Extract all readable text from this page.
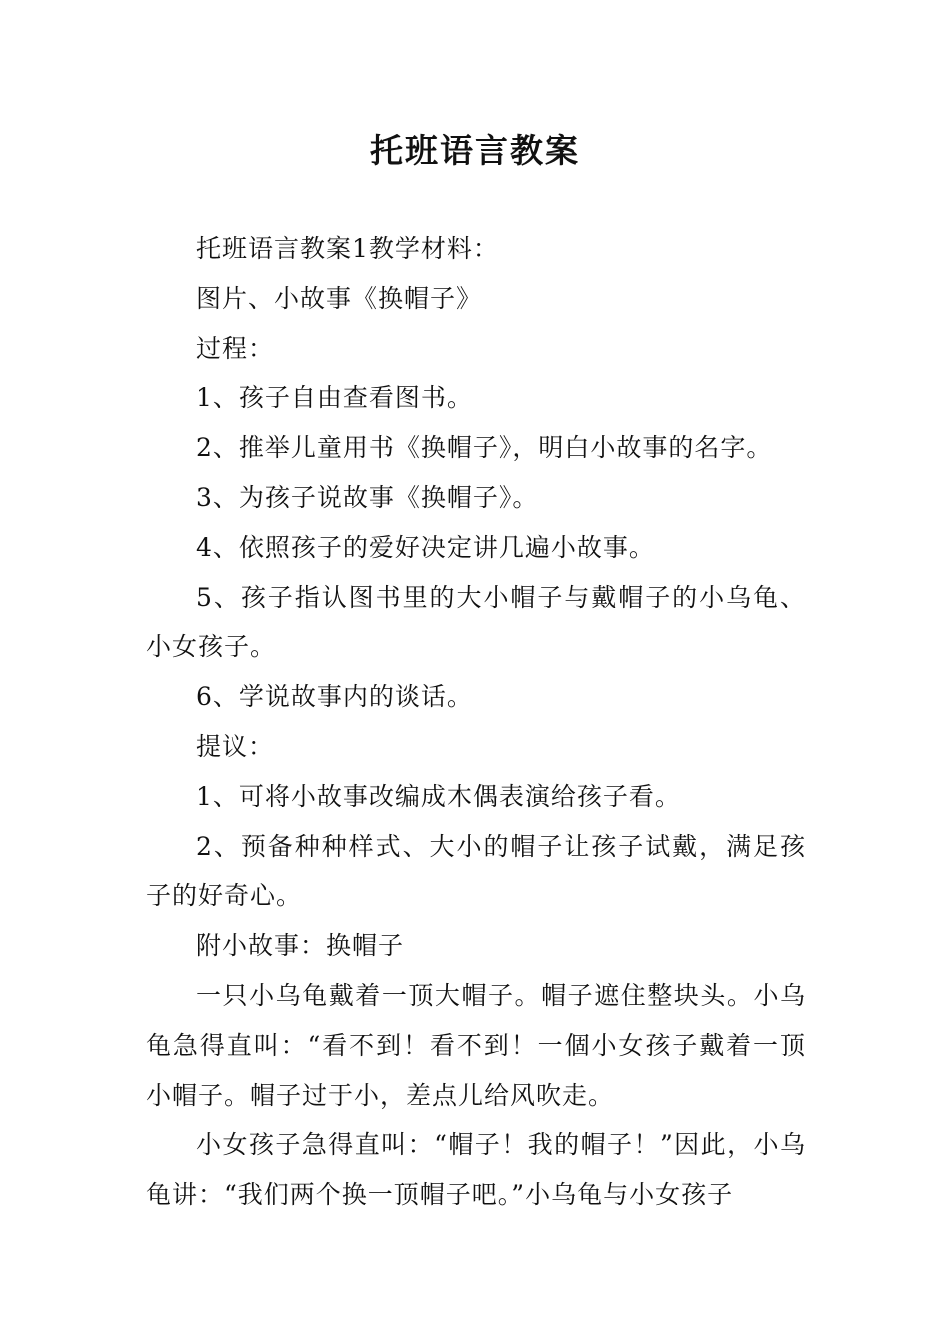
托班语言教案

托班语言教案1教学材料：

图片、小故事《换帽子》

过程：

1、孩子自由查看图书。

2、推举儿童用书《换帽子》，明白小故事的名字。

3、为孩子说故事《换帽子》。

4、依照孩子的爱好决定讲几遍小故事。

5、孩子指认图书里的大小帽子与戴帽子的小乌龟、小女孩子。

6、学说故事内的谈话。

提议：

1、可将小故事改编成木偶表演给孩子看。

2、预备种种样式、大小的帽子让孩子试戴，满足孩子的好奇心。

附小故事：换帽子

一只小乌龟戴着一顶大帽子。帽子遮住整块头。小乌龟急得直叫：“看不到！看不到！一個小女孩子戴着一顶小帽子。帽子过于小，差点儿给风吹走。

小女孩子急得直叫：“帽子！我的帽子！”因此，小乌龟讲：“我们两个换一顶帽子吧。”小乌龟与小女孩子
